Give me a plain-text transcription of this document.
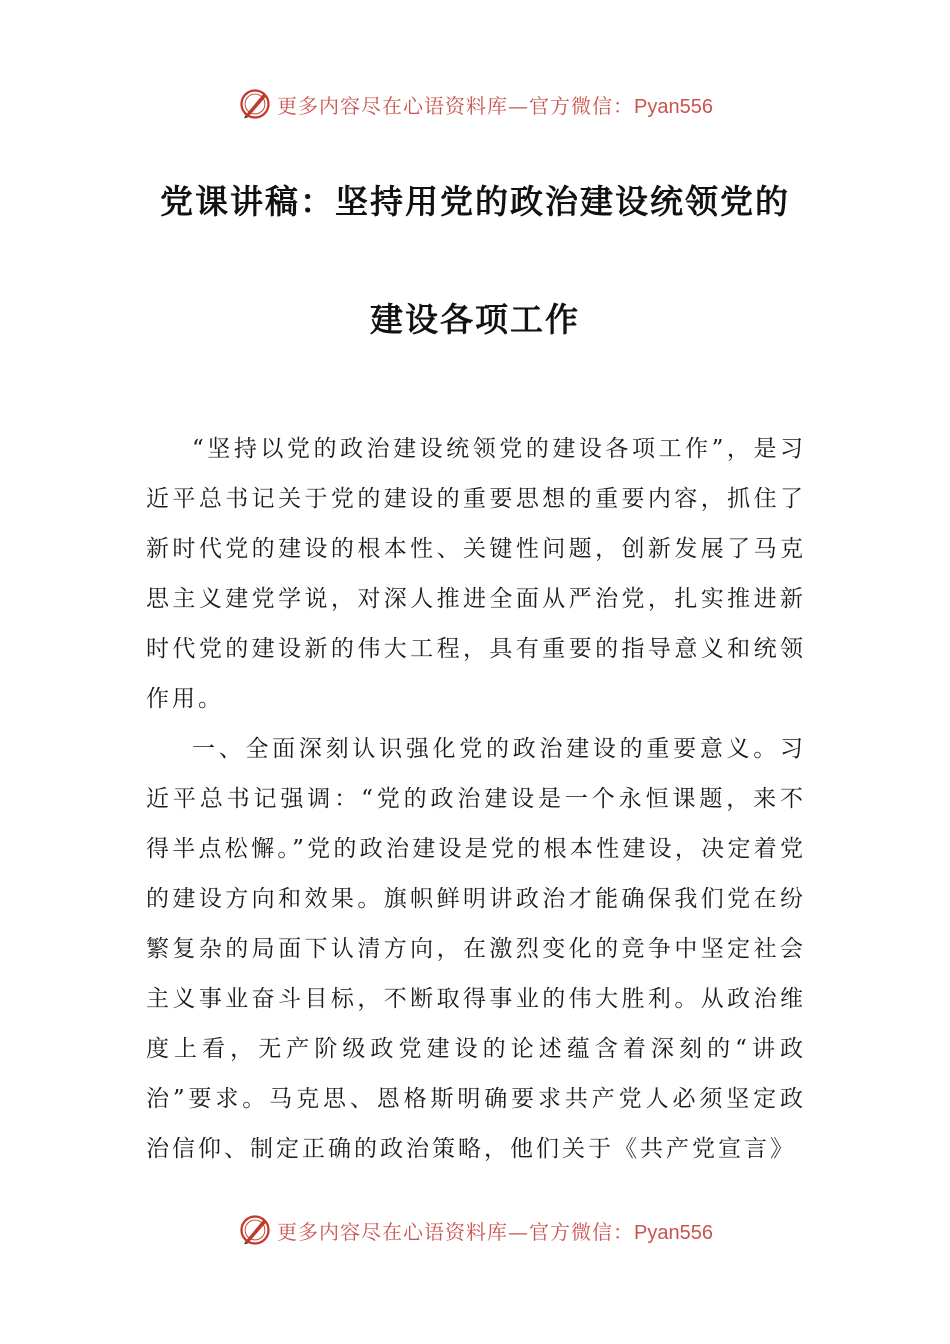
更多内容尽在心语资料库—官方微信：Pyan556
党课讲稿：坚持用党的政治建设统领党的
建设各项工作

“坚持以党的政治建设统领党的建设各项工作”，是习近平总书记关于党的建设的重要思想的重要内容，抓住了新时代党的建设的根本性、关键性问题，创新发展了马克思主义建党学说，对深人推进全面从严治党，扎实推进新时代党的建设新的伟大工程，具有重要的指导意义和统领作用。

一、全面深刻认识强化党的政治建设的重要意义。习近平总书记强调：“党的政治建设是一个永恒课题，来不得半点松懈。”党的政治建设是党的根本性建设，决定着党的建设方向和效果。旗帜鲜明讲政治才能确保我们党在纷繁复杂的局面下认清方向，在激烈变化的竞争中坚定社会主义事业奋斗目标，不断取得事业的伟大胜利。从政治维度上看，无产阶级政党建设的论述蕴含着深刻的“讲政治”要求。马克思、恩格斯明确要求共产党人必须坚定政治信仰、制定正确的政治策略，他们关于《共产党宣言》

更多内容尽在心语资料库—官方微信：Pyan556
